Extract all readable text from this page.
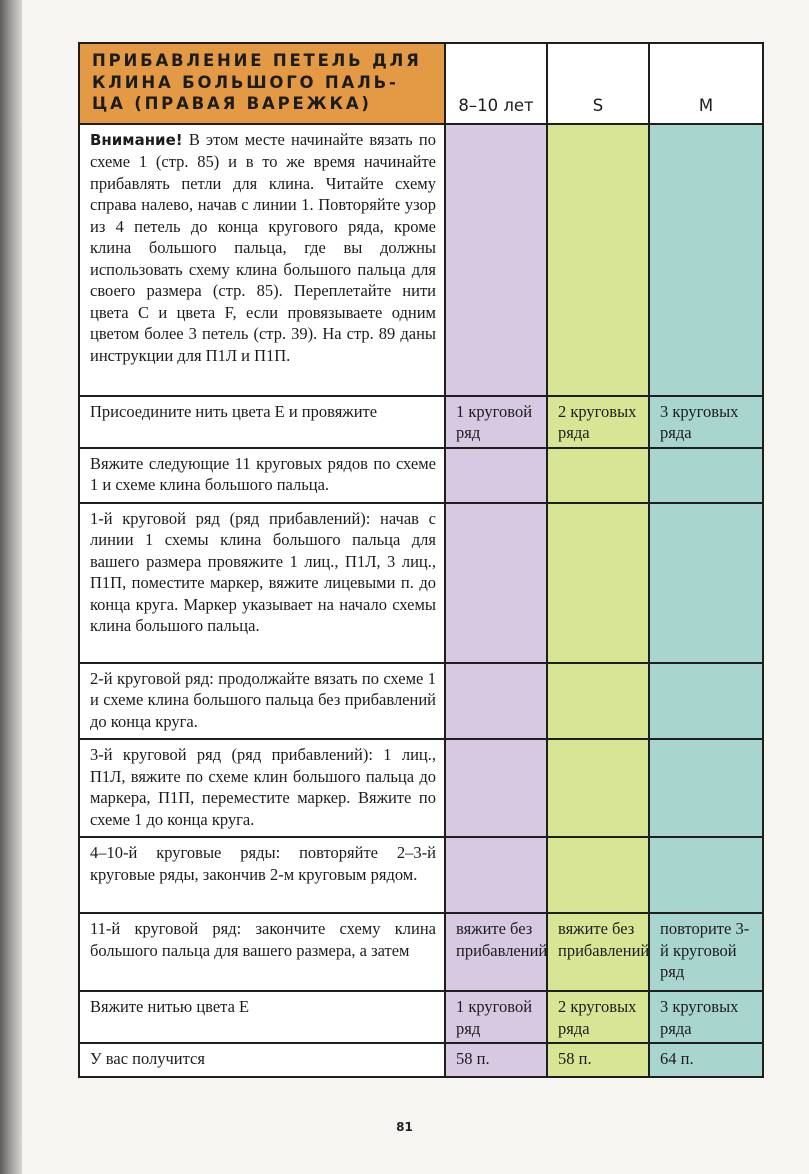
ПРИБАВЛЕНИЕ ПЕТЕЛЬ ДЛЯ
КЛИНА БОЛЬШОГО ПАЛЬ-
ЦА (ПРАВАЯ ВАРЕЖКА)	8–10 лет	S	M
Внимание! В этом месте начинайте вязать по схеме 1 (стр. 85) и в то же время начинайте прибавлять петли для клина. Читайте схему справа налево, начав с линии 1. Повторяйте узор из 4 петель до конца кругового ряда, кроме клина большого пальца, где вы должны использовать схему клина большого пальца для своего размера (стр. 85). Переплетайте нити цвета С и цвета F, если провязываете одним цветом более 3 петель (стр. 39). На стр. 89 даны инструкции для П1Л и П1П.			
Присоедините нить цвета Е и провяжите	1 круговой ряд	2 круговых ряда	3 круговых ряда
Вяжите следующие 11 круговых рядов по схеме 1 и схеме клина большого пальца.			
1-й круговой ряд (ряд прибавлений): начав с линии 1 схемы клина большого пальца для вашего размера провяжите 1 лиц., П1Л, 3 лиц., П1П, поместите маркер, вяжите лицевыми п. до конца круга. Маркер указывает на начало схемы клина большого пальца.			
2-й круговой ряд: продолжайте вязать по схеме 1 и схеме клина большого пальца без прибавлений до конца круга.			
3-й круговой ряд (ряд прибавлений): 1 лиц., П1Л, вяжите по схеме клин большого пальца до маркера, П1П, переместите маркер. Вяжите по схеме 1 до конца круга.			
4–10-й круговые ряды: повторяйте 2–3-й круговые ряды, закончив 2-м круговым рядом.			
11-й круговой ряд: закончите схему клина большого пальца для вашего размера, а затем	вяжите без прибавлений	вяжите без прибавлений	повторите 3-й круговой ряд
Вяжите нитью цвета Е	1 круговой ряд	2 круговых ряда	3 круговых ряда
У вас получится	58 п.	58 п.	64 п.
81
